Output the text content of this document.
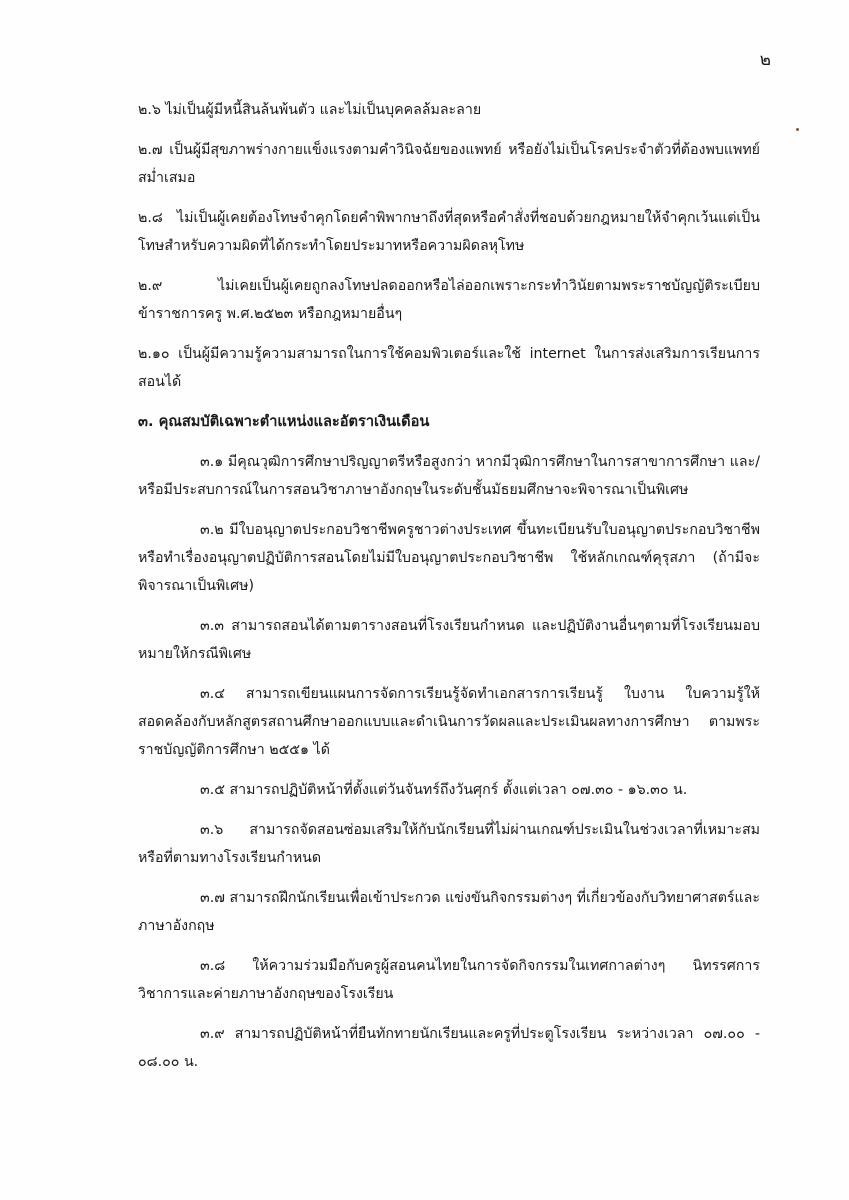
๒

๒.๖ ไม่เป็นผู้มีหนี้สินล้นพ้นตัว และไม่เป็นบุคคลล้มละลาย

๒.๗ เป็นผู้มีสุขภาพร่างกายแข็งแรงตามคำวินิจฉัยของแพทย์ หรือยังไม่เป็นโรคประจำตัวที่ต้องพบแพทย์สม่ำเสมอ

๒.๘ ไม่เป็นผู้เคยต้องโทษจำคุกโดยคำพิพากษาถึงที่สุดหรือคำสั่งที่ชอบด้วยกฎหมายให้จำคุกเว้นแต่เป็นโทษสำหรับความผิดที่ได้กระทำโดยประมาทหรือความผิดลหุโทษ

๒.๙ ไม่เคยเป็นผู้เคยถูกลงโทษปลดออกหรือไล่ออกเพราะกระทำวินัยตามพระราชบัญญัติระเบียบข้าราชการครู พ.ศ.๒๕๒๓ หรือกฎหมายอื่นๆ

๒.๑๐ เป็นผู้มีความรู้ความสามารถในการใช้คอมพิวเตอร์และใช้ internet ในการส่งเสริมการเรียนการสอนได้

๓. คุณสมบัติเฉพาะตำแหน่งและอัตราเงินเดือน

๓.๑ มีคุณวุฒิการศึกษาปริญญาตรีหรือสูงกว่า หากมีวุฒิการศึกษาในการสาขาการศึกษา และ/หรือมีประสบการณ์ในการสอนวิชาภาษาอังกฤษในระดับชั้นมัธยมศึกษาจะพิจารณาเป็นพิเศษ

๓.๒ มีใบอนุญาตประกอบวิชาชีพครูชาวต่างประเทศ ขึ้นทะเบียนรับใบอนุญาตประกอบวิชาชีพหรือทำเรื่องอนุญาตปฏิบัติการสอนโดยไม่มีใบอนุญาตประกอบวิชาชีพ ใช้หลักเกณฑ์คุรุสภา (ถ้ามีจะพิจารณาเป็นพิเศษ)

๓.๓ สามารถสอนได้ตามตารางสอนที่โรงเรียนกำหนด และปฏิบัติงานอื่นๆตามที่โรงเรียนมอบหมายให้กรณีพิเศษ

๓.๔ สามารถเขียนแผนการจัดการเรียนรู้จัดทำเอกสารการเรียนรู้ ใบงาน ใบความรู้ให้สอดคล้องกับหลักสูตรสถานศึกษาออกแบบและดำเนินการวัดผลและประเมินผลทางการศึกษา ตามพระราชบัญญัติการศึกษา ๒๕๕๑ ได้

๓.๕ สามารถปฏิบัติหน้าที่ตั้งแต่วันจันทร์ถึงวันศุกร์ ตั้งแต่เวลา ๐๗.๓๐ - ๑๖.๓๐ น.

๓.๖ สามารถจัดสอนซ่อมเสริมให้กับนักเรียนที่ไม่ผ่านเกณฑ์ประเมินในช่วงเวลาที่เหมาะสมหรือที่ตามทางโรงเรียนกำหนด

๓.๗ สามารถฝึกนักเรียนเพื่อเข้าประกวด แข่งขันกิจกรรมต่างๆ ที่เกี่ยวข้องกับวิทยาศาสตร์และภาษาอังกฤษ

๓.๘ ให้ความร่วมมือกับครูผู้สอนคนไทยในการจัดกิจกรรมในเทศกาลต่างๆ นิทรรศการวิชาการและค่ายภาษาอังกฤษของโรงเรียน

๓.๙ สามารถปฏิบัติหน้าที่ยืนทักทายนักเรียนและครูที่ประตูโรงเรียน ระหว่างเวลา ๐๗.๐๐ - ๐๘.๐๐ น.
